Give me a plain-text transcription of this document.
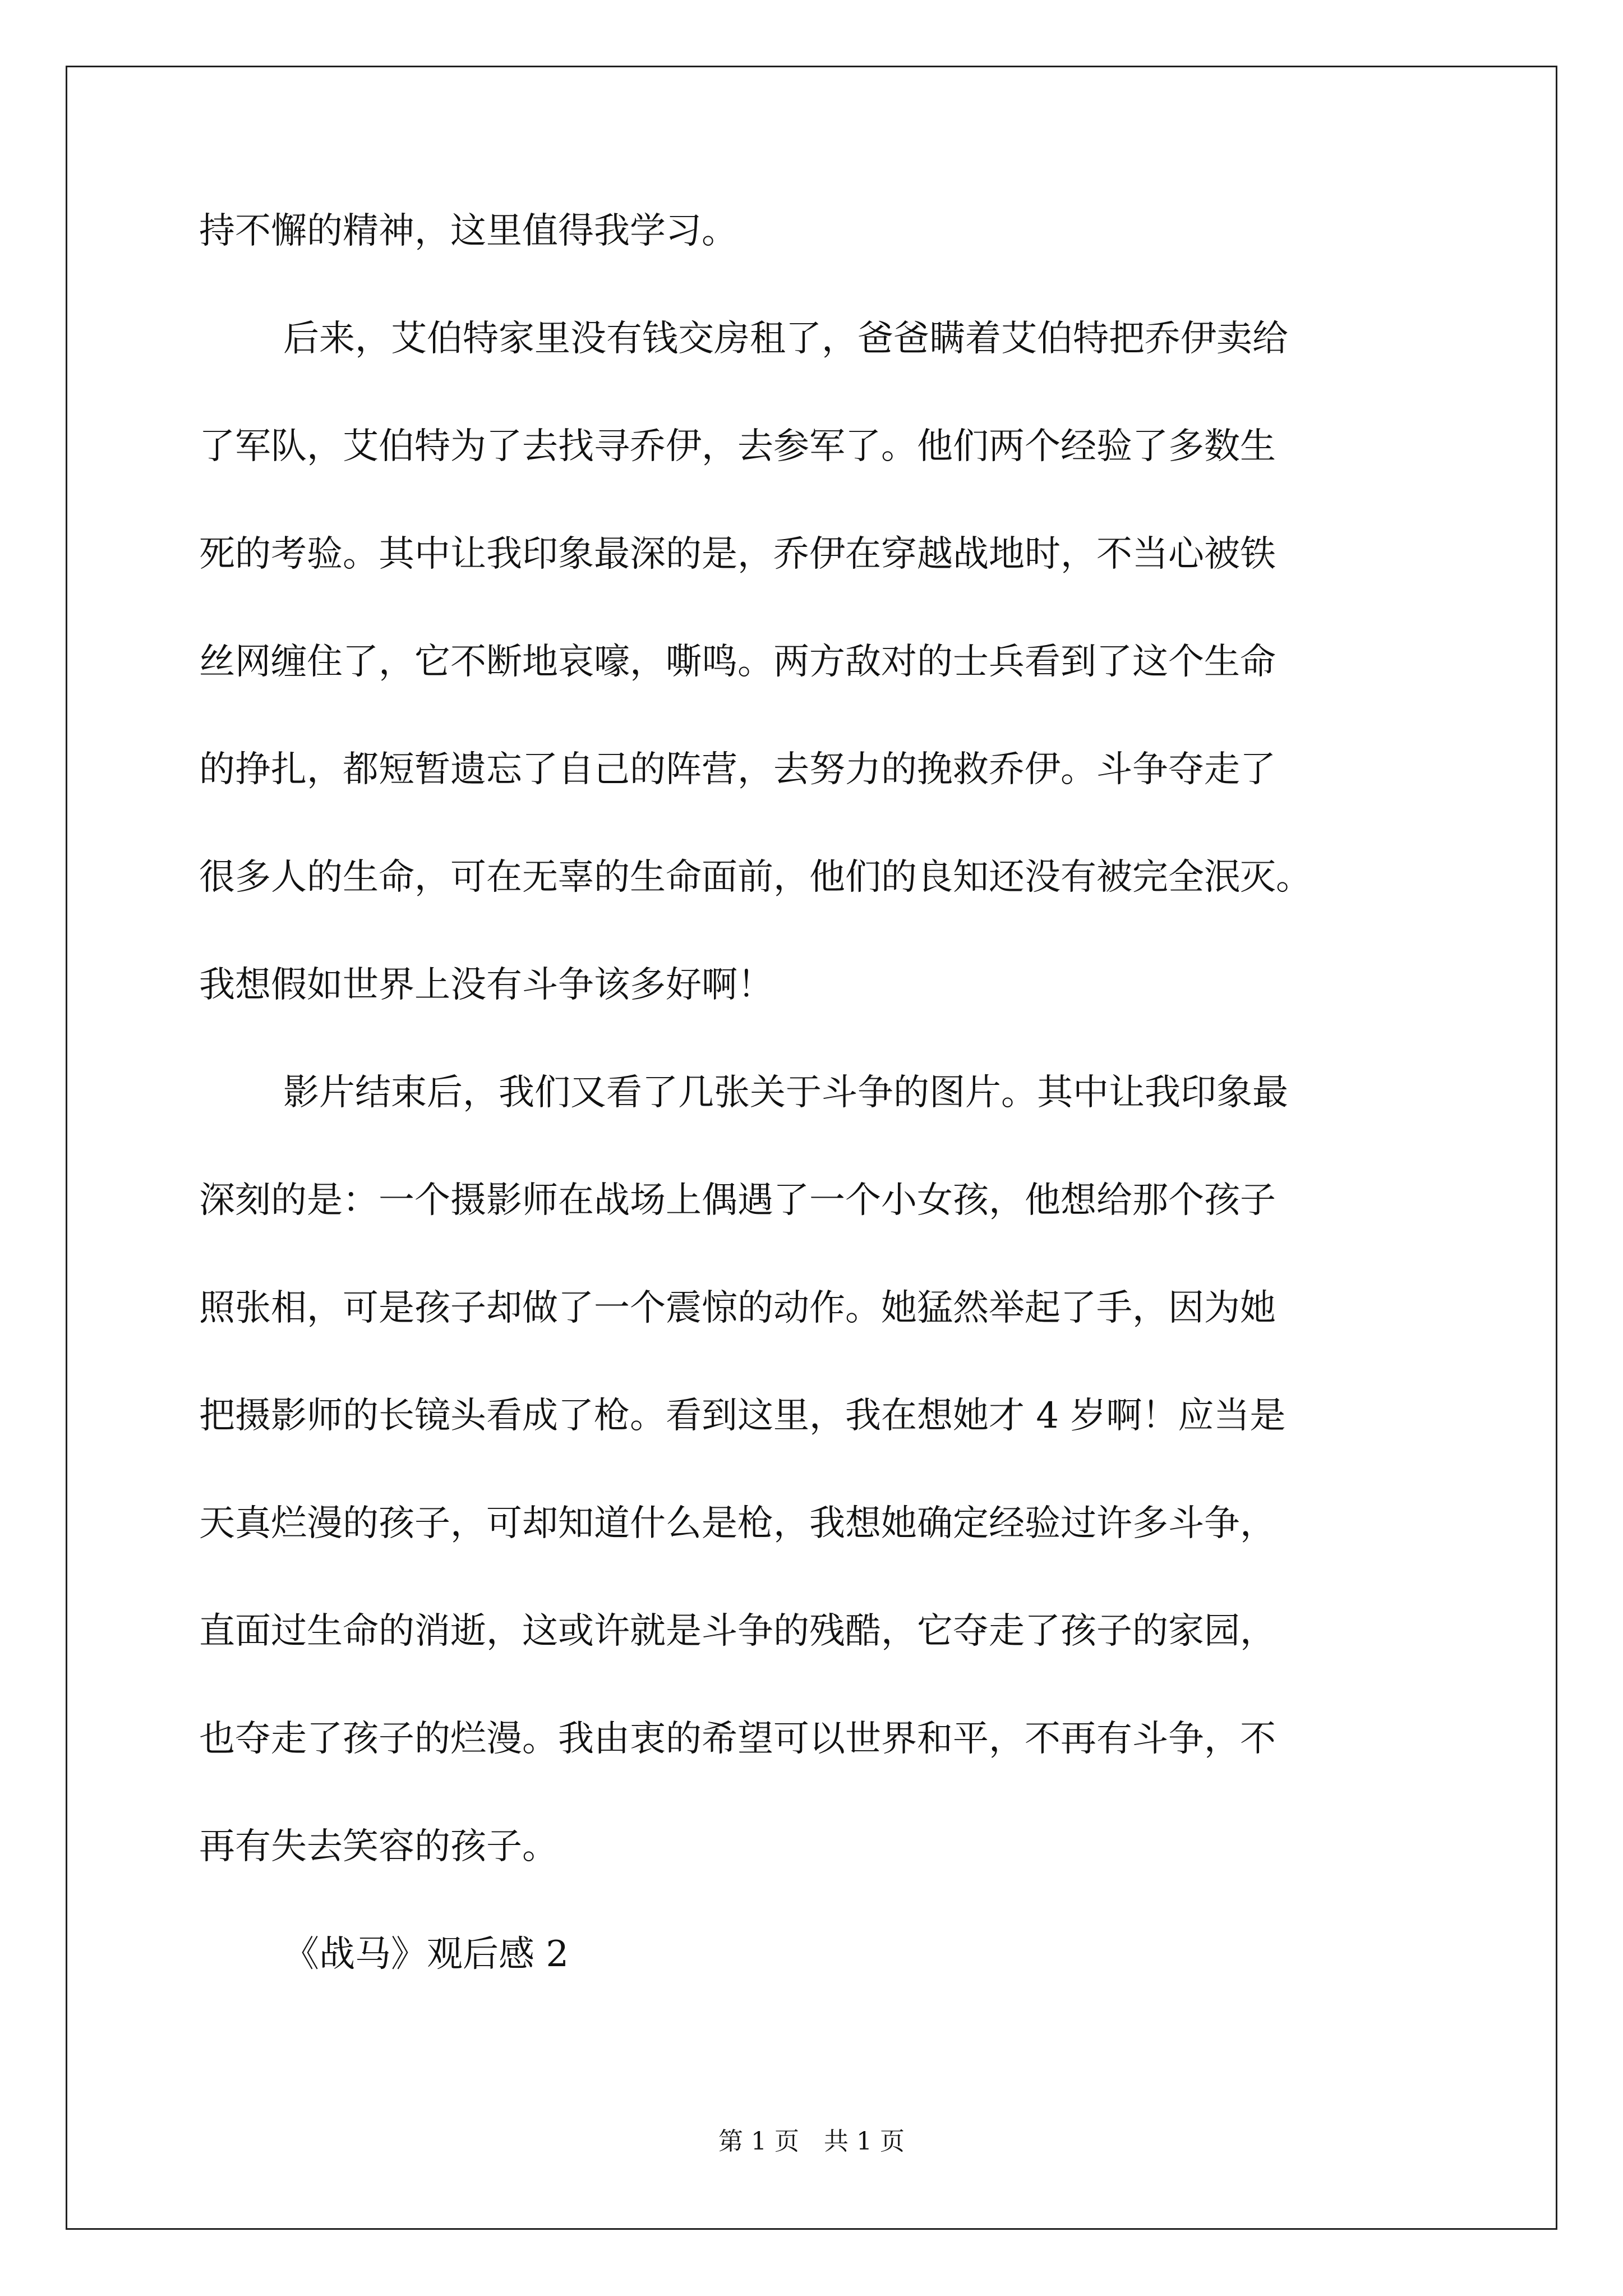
持不懈的精神，这里值得我学习。
后来，艾伯特家里没有钱交房租了，爸爸瞒着艾伯特把乔伊卖给
了军队，艾伯特为了去找寻乔伊，去参军了。他们两个经验了多数生
死的考验。其中让我印象最深的是，乔伊在穿越战地时，不当心被铁
丝网缠住了，它不断地哀嚎，嘶鸣。两方敌对的士兵看到了这个生命
的挣扎，都短暂遗忘了自己的阵营，去努力的挽救乔伊。斗争夺走了
很多人的生命，可在无辜的生命面前，他们的良知还没有被完全泯灭。
我想假如世界上没有斗争该多好啊！
影片结束后，我们又看了几张关于斗争的图片。其中让我印象最
深刻的是：一个摄影师在战场上偶遇了一个小女孩，他想给那个孩子
照张相，可是孩子却做了一个震惊的动作。她猛然举起了手，因为她
把摄影师的长镜头看成了枪。看到这里，我在想她才 4 岁啊！应当是
天真烂漫的孩子，可却知道什么是枪，我想她确定经验过许多斗争，
直面过生命的消逝，这或许就是斗争的残酷，它夺走了孩子的家园，
也夺走了孩子的烂漫。我由衷的希望可以世界和平，不再有斗争，不
再有失去笑容的孩子。
《战马》观后感 2
第 1 页　共 1 页
